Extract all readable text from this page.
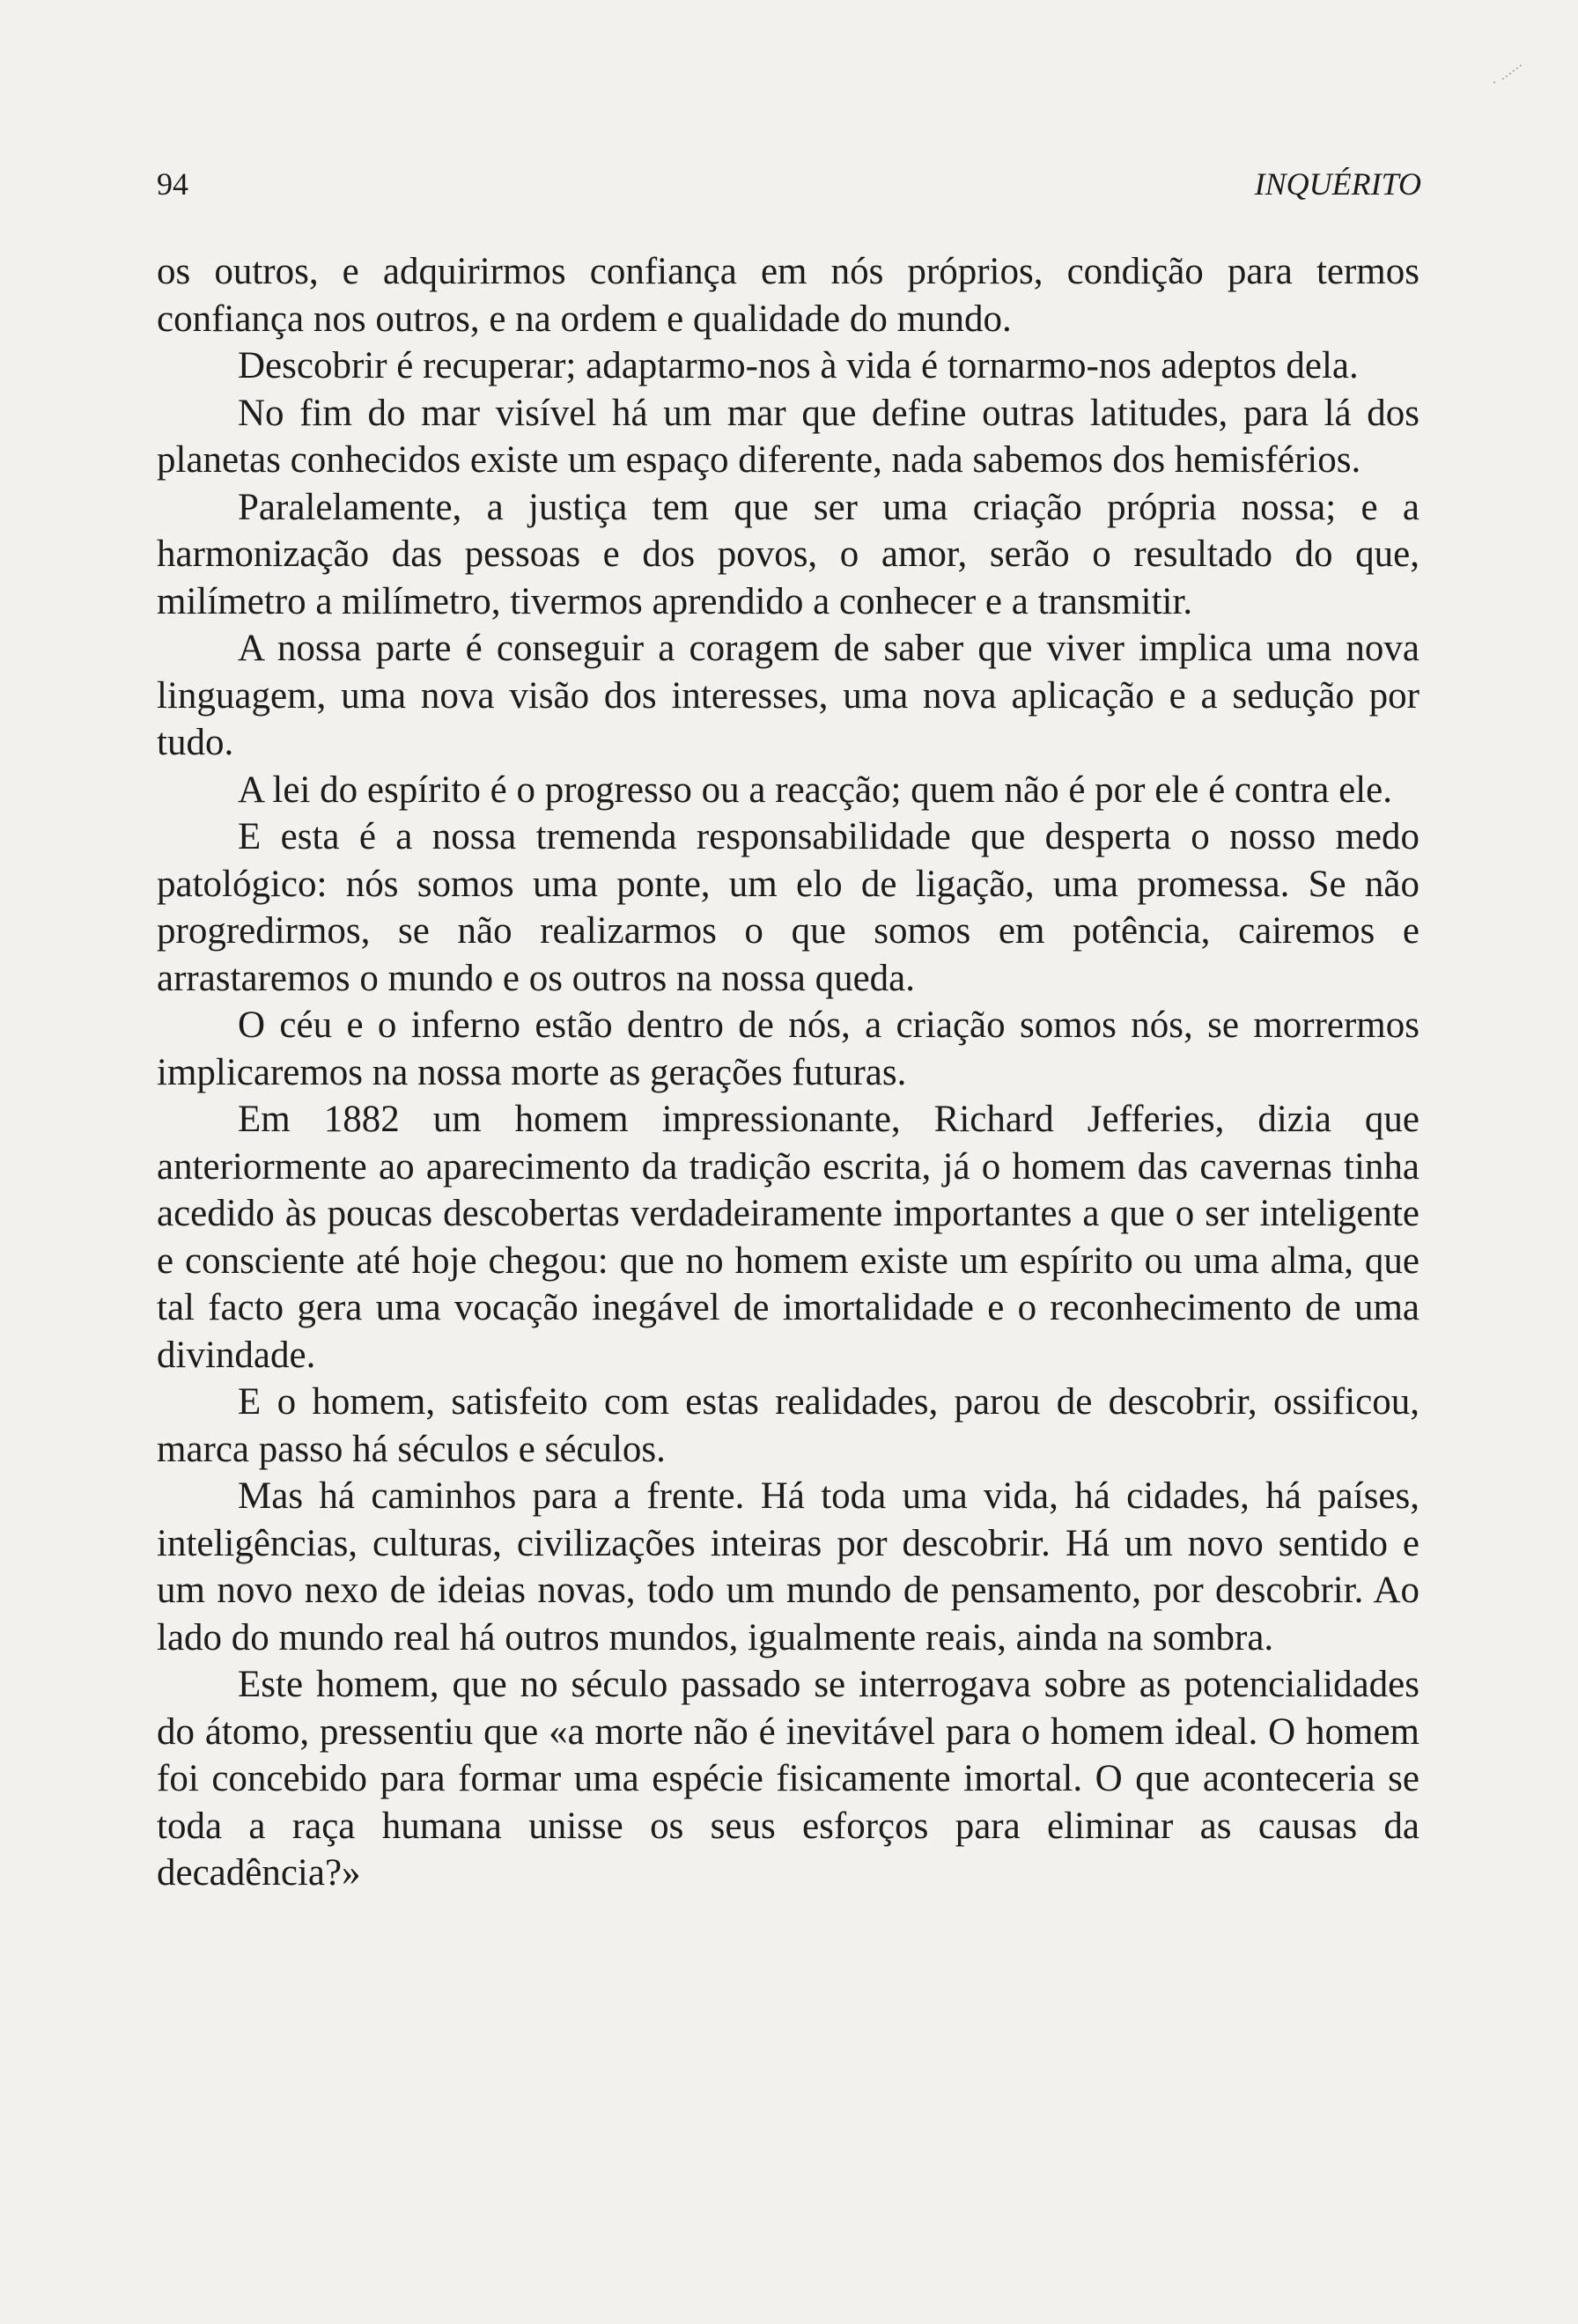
94	INQUÉRITO

os outros, e adquirirmos confiança em nós próprios, condição para termos confiança nos outros, e na ordem e qualidade do mundo.

Descobrir é recuperar; adaptarmo-nos à vida é tornarmo-nos adeptos dela.

No fim do mar visível há um mar que define outras latitudes, para lá dos planetas conhecidos existe um espaço diferente, nada sabemos dos hemisférios.

Paralelamente, a justiça tem que ser uma criação própria nossa; e a harmonização das pessoas e dos povos, o amor, serão o resultado do que, milímetro a milímetro, tivermos aprendido a conhecer e a transmitir.

A nossa parte é conseguir a coragem de saber que viver implica uma nova linguagem, uma nova visão dos interesses, uma nova aplicação e a sedução por tudo.

A lei do espírito é o progresso ou a reacção; quem não é por ele é contra ele.

E esta é a nossa tremenda responsabilidade que desperta o nosso medo patológico: nós somos uma ponte, um elo de ligação, uma promessa. Se não progredirmos, se não realizarmos o que somos em potência, cairemos e arrastaremos o mundo e os outros na nossa queda.

O céu e o inferno estão dentro de nós, a criação somos nós, se morrermos implicaremos na nossa morte as gerações futuras.

Em 1882 um homem impressionante, Richard Jefferies, dizia que anteriormente ao aparecimento da tradição escrita, já o homem das cavernas tinha acedido às poucas descobertas verdadeiramente importantes a que o ser inteligente e consciente até hoje chegou: que no homem existe um espírito ou uma alma, que tal facto gera uma vocação inegável de imortalidade e o reconhecimento de uma divindade.

E o homem, satisfeito com estas realidades, parou de descobrir, ossificou, marca passo há séculos e séculos.

Mas há caminhos para a frente. Há toda uma vida, há cidades, há países, inteligências, culturas, civilizações inteiras por descobrir. Há um novo sentido e um novo nexo de ideias novas, todo um mundo de pensamento, por descobrir. Ao lado do mundo real há outros mundos, igualmente reais, ainda na sombra.

Este homem, que no século passado se interrogava sobre as potencialidades do átomo, pressentiu que «a morte não é inevitável para o homem ideal. O homem foi concebido para formar uma espécie fisicamente imortal. O que aconteceria se toda a raça humana unisse os seus esforços para eliminar as causas da decadência?»
